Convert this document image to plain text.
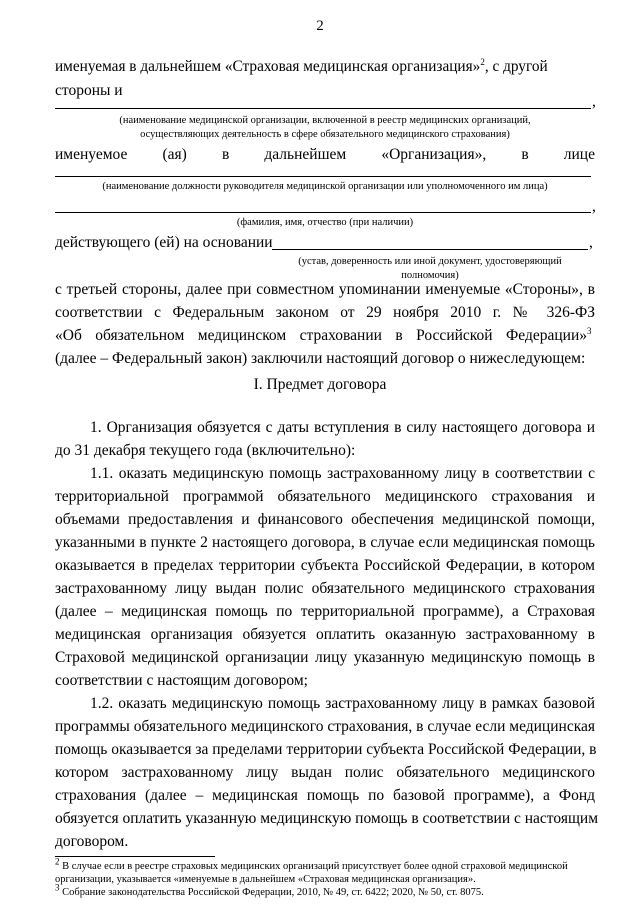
2
именуемая в дальнейшем «Страховая медицинская организация»$^2$, с другой
стороны и
,
(наименование медицинской организации, включенной в реестр медицинских организаций,
осуществляющих деятельность в сфере обязательного медицинского страхования)
именуемое (ая) в дальнейшем «Организация», в лице
(наименование должности руководителя медицинской организации или уполномоченного им лица)
,
(фамилия, имя, отчество (при наличии)
действующего (ей) на основании	,
(устав, доверенность или иной документ, удостоверяющий полномочия)
с третьей стороны, далее при совместном упоминании именуемые «Стороны», в
соответствии с Федеральным законом от 29 ноября 2010 г. № 326-ФЗ
«Об обязательном медицинском страховании в Российской Федерации»$^3$
(далее – Федеральный закон) заключили настоящий договор о нижеследующем:
I. Предмет договора
1. Организация обязуется с даты вступления в силу настоящего договора и
до 31 декабря текущего года (включительно):
1.1. оказать медицинскую помощь застрахованному лицу в соответствии с
территориальной программой обязательного медицинского страхования и
объемами предоставления и финансового обеспечения медицинской помощи,
указанными в пункте 2 настоящего договора, в случае если медицинская помощь
оказывается в пределах территории субъекта Российской Федерации, в котором
застрахованному лицу выдан полис обязательного медицинского страхования
(далее – медицинская помощь по территориальной программе), а Страховая
медицинская организация обязуется оплатить оказанную застрахованному в
Страховой медицинской организации лицу указанную медицинскую помощь в
соответствии с настоящим договором;
1.2. оказать медицинскую помощь застрахованному лицу в рамках базовой
программы обязательного медицинского страхования, в случае если медицинская
помощь оказывается за пределами территории субъекта Российской Федерации, в
котором застрахованному лицу выдан полис обязательного медицинского
страхования (далее – медицинская помощь по базовой программе), а Фонд
обязуется оплатить указанную медицинскую помощь в соответствии с настоящим
договором.
$^2$ В случае если в реестре страховых медицинских организаций присутствует более одной страховой медицинской
организации, указывается «именуемые в дальнейшем «Страховая медицинская организация».
$^3$ Собрание законодательства Российской Федерации, 2010, № 49, ст. 6422; 2020, № 50, ст. 8075.
